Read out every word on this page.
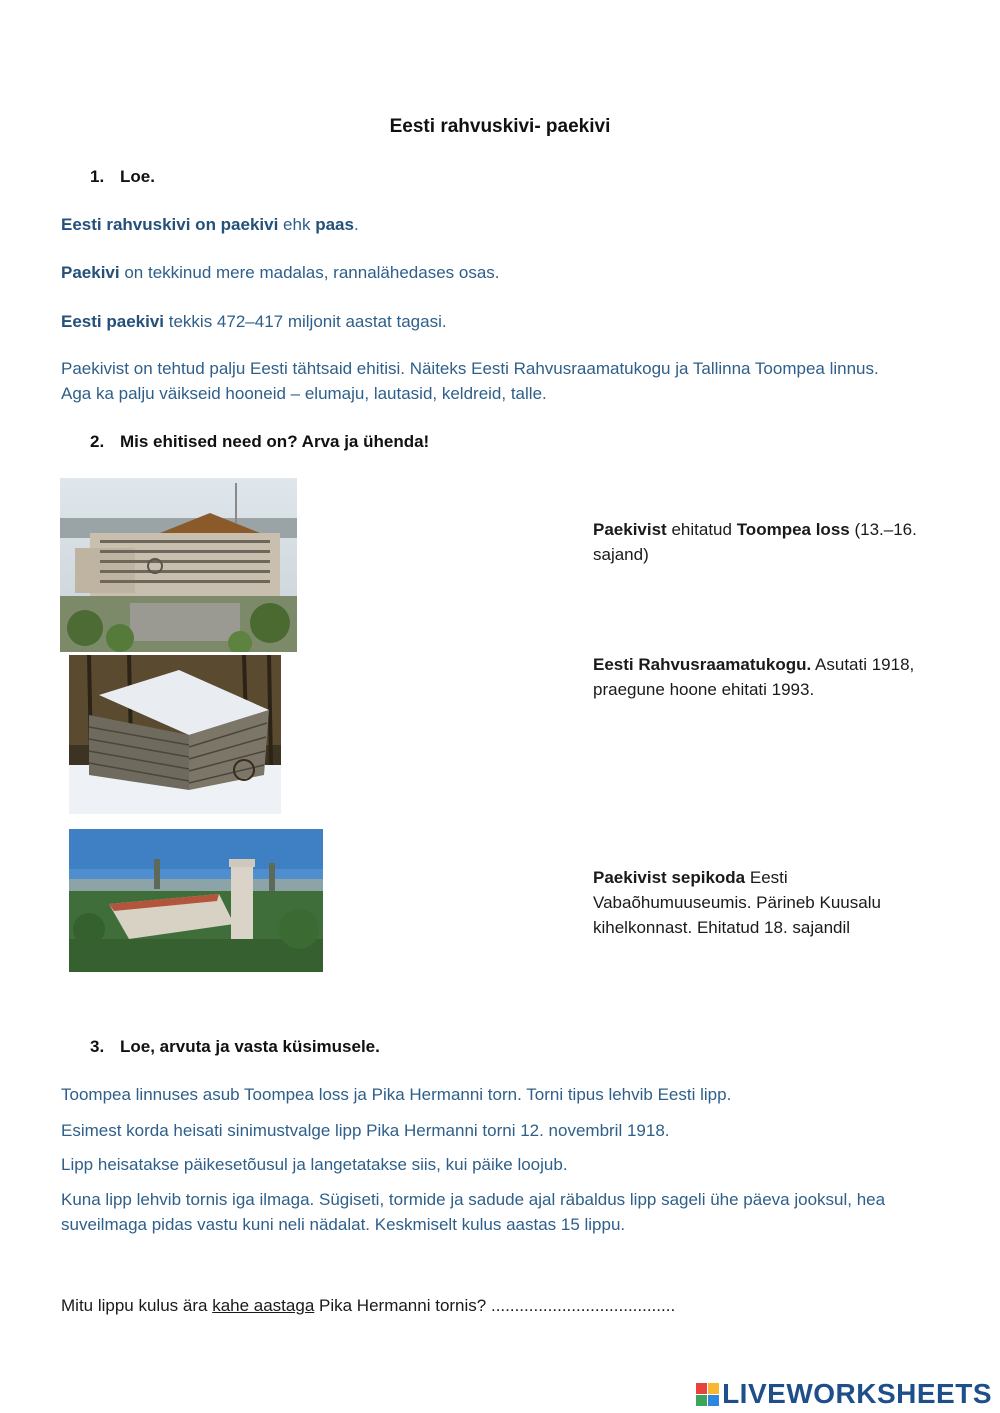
Eesti rahvuskivi- paekivi
1. Loe.
Eesti rahvuskivi on paekivi ehk paas.
Paekivi on tekkinud mere madalas, rannalähedases osas.
Eesti paekivi tekkis 472–417 miljonit aastat tagasi.
Paekivist on tehtud palju Eesti tähtsaid ehitisi. Näiteks Eesti Rahvusraamatukogu ja Tallinna Toompea linnus.
Aga ka palju väikseid hooneid – elumaju, lautasid, keldreid, talle.
2. Mis ehitised need on? Arva ja ühenda!
Paekivist ehitatud Toompea loss (13.–16. sajand)
Eesti Rahvusraamatukogu. Asutati 1918, praegune hoone ehitati 1993.
Paekivist sepikoda Eesti Vabaõhumuuseumis. Pärineb Kuusalu kihelkonnast. Ehitatud 18. sajandil
3. Loe, arvuta ja vasta küsimusele.
Toompea linnuses asub Toompea loss ja Pika Hermanni torn. Torni tipus lehvib Eesti lipp.
Esimest korda heisati sinimustvalge lipp Pika Hermanni torni 12. novembril 1918.
Lipp heisatakse päikesetõusul ja langetatakse siis, kui päike loojub.
Kuna lipp lehvib tornis iga ilmaga. Sügiseti, tormide ja sadude ajal räbaldus lipp sageli ühe päeva jooksul, hea
suveilmaga pidas vastu kuni neli nädalat. Keskmiselt kulus aastas 15 lippu.
Mitu lippu kulus ära kahe aastaga Pika Hermanni tornis? .......................................
LIVEWORKSHEETS
